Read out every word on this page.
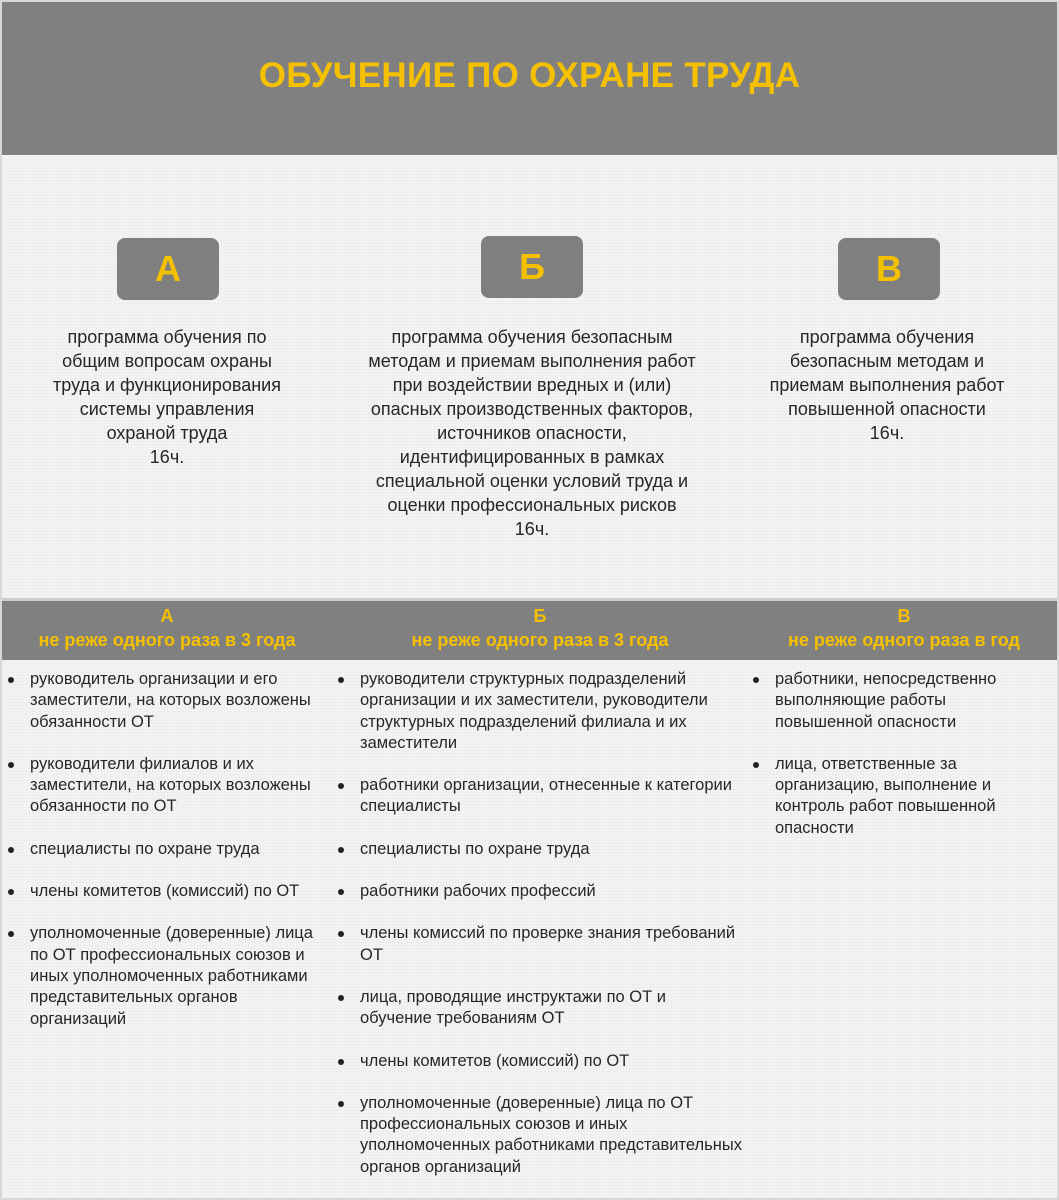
ОБУЧЕНИЕ ПО ОХРАНЕ ТРУДА
А	Б	В
программа обучения по
общим вопросам охраны
труда и функционирования
системы управления
охраной труда
16ч.
программа обучения безопасным
методам и приемам выполнения работ
при воздействии вредных и (или)
опасных производственных факторов,
источников опасности,
идентифицированных в рамках
специальной оценки условий труда и
оценки профессиональных рисков
16ч.
программа обучения
безопасным методам и
приемам выполнения работ
повышенной опасности
16ч.
А
не реже одного раза в 3 года
Б
не реже одного раза в 3 года
В
не реже одного раза в год
руководитель организации и его заместители, на которых возложены обязанности ОТ
руководители филиалов и их заместители, на которых возложены обязанности по ОТ
специалисты по охране труда
члены комитетов (комиссий) по ОТ
уполномоченные (доверенные) лица по ОТ профессиональных союзов и иных уполномоченных работниками представительных органов организаций
руководители структурных подразделений организации и их заместители, руководители структурных подразделений филиала и их заместители
работники организации, отнесенные к категории специалисты
специалисты по охране труда
работники рабочих профессий
члены комиссий по проверке знания требований ОТ
лица, проводящие инструктажи по ОТ и обучение требованиям ОТ
члены комитетов (комиссий) по ОТ
уполномоченные (доверенные) лица по ОТ профессиональных союзов и иных уполномоченных работниками представительных органов организаций
работники, непосредственно выполняющие работы повышенной опасности
лица, ответственные за организацию, выполнение и контроль работ повышенной опасности
